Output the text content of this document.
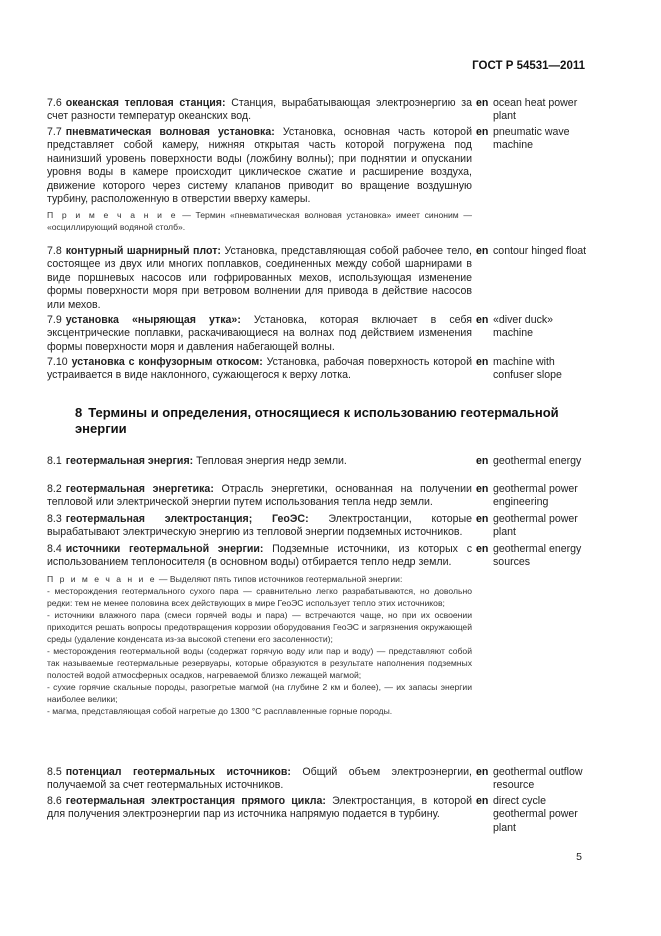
ГОСТ Р 54531—2011
7.6 океанская тепловая станция: Станция, вырабатывающая электроэнергию за счет разности температур океанских вод.
en ocean heat power plant
7.7 пневматическая волновая установка: Установка, основная часть которой представляет собой камеру, нижняя открытая часть которой погружена под наинизший уровень поверхности воды (ложбину волны); при поднятии и опускании уровня воды в камере происходит циклическое сжатие и расширение воздуха, движение которого через систему клапанов приводит во вращение воздушную турбину, расположенную в отверстии вверху камеры.
en pneumatic wave machine
П р и м е ч а н и е — Термин «пневматическая волновая установка» имеет синоним — «осциллирующий водяной столб».
7.8 контурный шарнирный плот: Установка, представляющая собой рабочее тело, состоящее из двух или многих поплавков, соединенных между собой шарнирами в виде поршневых насосов или гофрированных мехов, использующая изменение формы поверхности моря при ветровом волнении для привода в действие насосов или мехов.
en contour hinged float
7.9 установка «ныряющая утка»: Установка, которая включает в себя эксцентрические поплавки, раскачивающиеся на волнах под действием изменения формы поверхности моря и давления набегающей волны.
en «diver duck» machine
7.10 установка с конфузорным откосом: Установка, рабочая поверхность которой устраивается в виде наклонного, сужающегося к верху лотка.
en machine with confuser slope
8 Термины и определения, относящиеся к использованию геотермальной энергии
8.1 геотермальная энергия: Тепловая энергия недр земли.	en geothermal energy
8.2 геотермальная энергетика: Отрасль энергетики, основанная на получении тепловой или электрической энергии путем использования тепла недр земли.
en geothermal power engineering
8.3 геотермальная электростанция; ГеоЭС: Электростанции, которые вырабатывают электрическую энергию из тепловой энергии подземных источников.
en geothermal power plant
8.4 источники геотермальной энергии: Подземные источники, из которых с использованием теплоносителя (в основном воды) отбирается тепло недр земли.
en geothermal energy sources
П р и м е ч а н и е — Выделяют пять типов источников геотермальной энергии:
- месторождения геотермального сухого пара — сравнительно легко разрабатываются, но довольно редки: тем не менее половина всех действующих в мире ГеоЭС использует тепло этих источников;
- источники влажного пара (смеси горячей воды и пара) — встречаются чаще, но при их освоении приходится решать вопросы предотвращения коррозии оборудования ГеоЭС и загрязнения окружающей среды (удаление конденсата из-за высокой степени его засоленности);
- месторождения геотермальной воды (содержат горячую воду или пар и воду) — представляют собой так называемые геотермальные резервуары, которые образуются в результате наполнения подземных полостей водой атмосферных осадков, нагреваемой близко лежащей магмой;
- сухие горячие скальные породы, разогретые магмой (на глубине 2 км и более), — их запасы энергии наиболее велики;
- магма, представляющая собой нагретые до 1300 °С расплавленные горные породы.
8.5 потенциал геотермальных источников: Общий объем электроэнергии, получаемой за счет геотермальных источников.
en geothermal outflow resource
8.6 геотермальная электростанция прямого цикла: Электростанция, в которой для получения электроэнергии пар из источника напрямую подается в турбину.
en direct cycle geothermal power plant
5
